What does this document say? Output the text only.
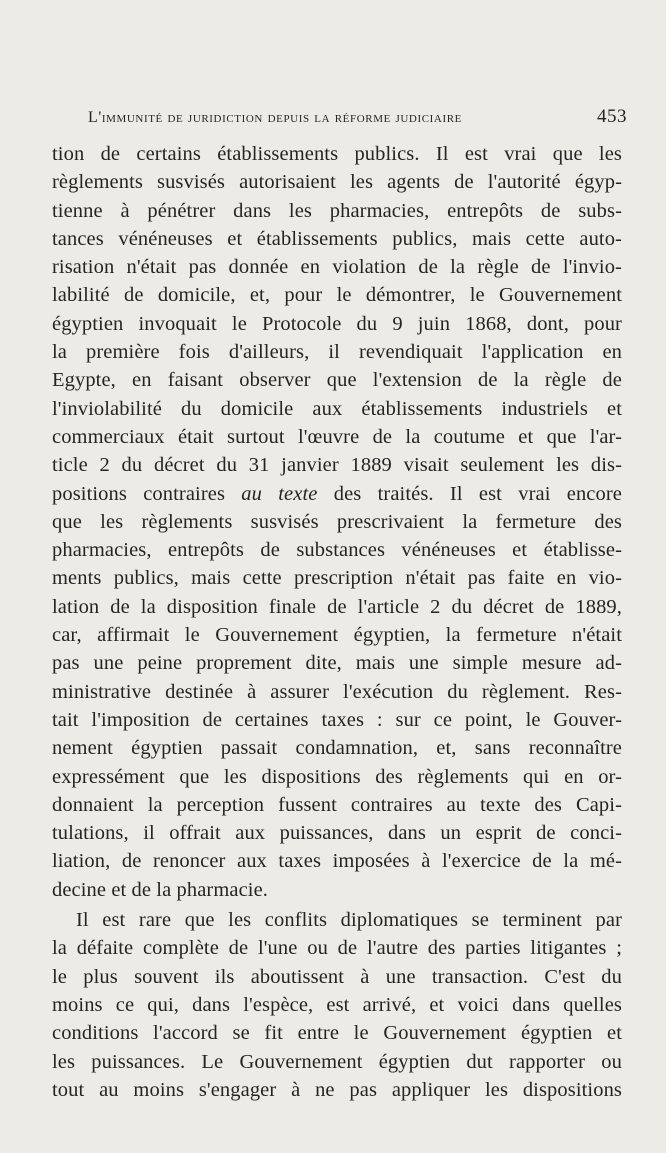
L'immunité de juridiction depuis la réforme judiciaire	453
tion de certains établissements publics. Il est vrai que les
règlements susvisés autorisaient les agents de l'autorité égyp-
tienne à pénétrer dans les pharmacies, entrepôts de subs-
tances vénéneuses et établissements publics, mais cette auto-
risation n'était pas donnée en violation de la règle de l'invio-
labilité de domicile, et, pour le démontrer, le Gouvernement
égyptien invoquait le Protocole du 9 juin 1868, dont, pour
la première fois d'ailleurs, il revendiquait l'application en
Egypte, en faisant observer que l'extension de la règle de
l'inviolabilité du domicile aux établissements industriels et
commerciaux était surtout l'œuvre de la coutume et que l'ar-
ticle 2 du décret du 31 janvier 1889 visait seulement les dis-
positions contraires au texte des traités. Il est vrai encore
que les règlements susvisés prescrivaient la fermeture des
pharmacies, entrepôts de substances vénéneuses et établisse-
ments publics, mais cette prescription n'était pas faite en vio-
lation de la disposition finale de l'article 2 du décret de 1889,
car, affirmait le Gouvernement égyptien, la fermeture n'était
pas une peine proprement dite, mais une simple mesure ad-
ministrative destinée à assurer l'exécution du règlement. Res-
tait l'imposition de certaines taxes : sur ce point, le Gouver-
nement égyptien passait condamnation, et, sans reconnaître
expressément que les dispositions des règlements qui en or-
donnaient la perception fussent contraires au texte des Capi-
tulations, il offrait aux puissances, dans un esprit de conci-
liation, de renoncer aux taxes imposées à l'exercice de la mé-
decine et de la pharmacie.
Il est rare que les conflits diplomatiques se terminent par
la défaite complète de l'une ou de l'autre des parties litigantes ;
le plus souvent ils aboutissent à une transaction. C'est du
moins ce qui, dans l'espèce, est arrivé, et voici dans quelles
conditions l'accord se fit entre le Gouvernement égyptien et
les puissances. Le Gouvernement égyptien dut rapporter ou
tout au moins s'engager à ne pas appliquer les dispositions
